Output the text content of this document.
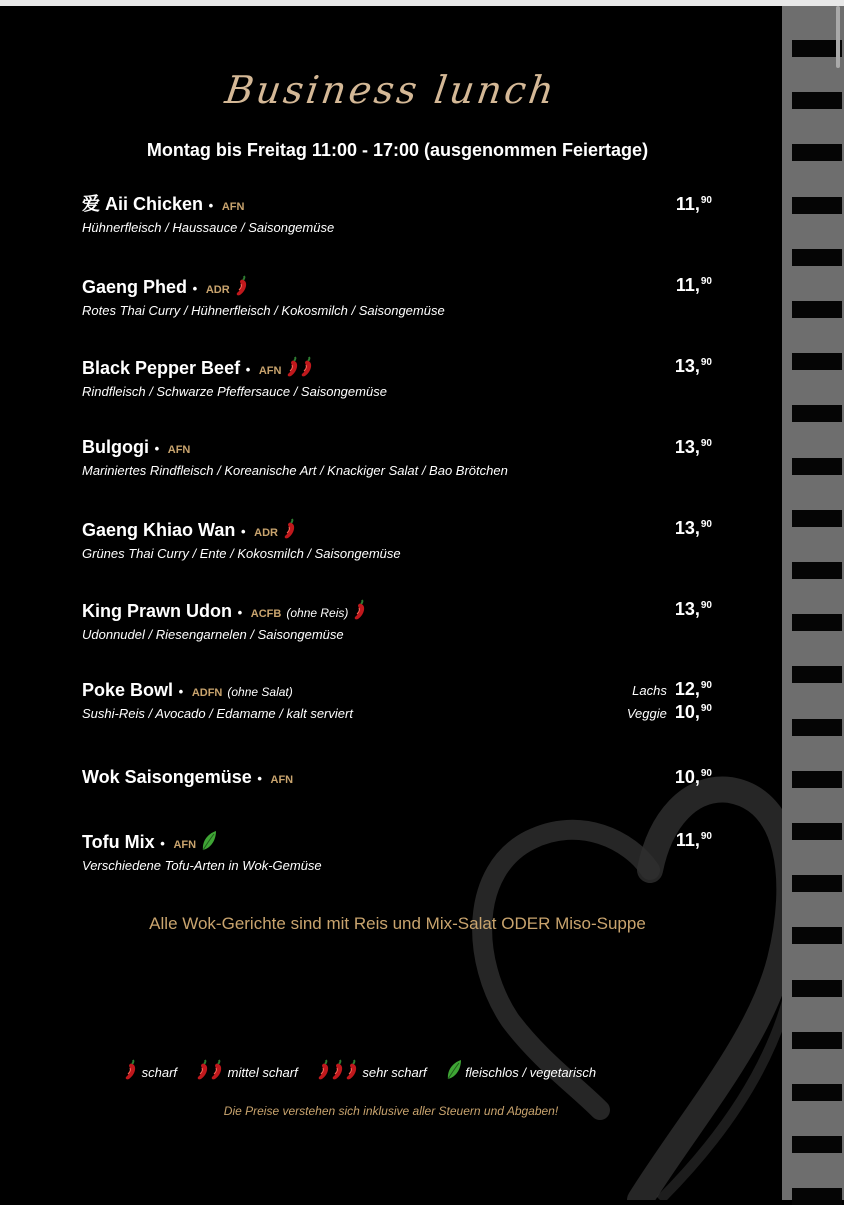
Business lunch
Montag bis Freitag 11:00 - 17:00 (ausgenommen Feiertage)
爱 Aii Chicken • AFN
Hühnerfleisch / Haussauce / Saisongemüse
11,90
Gaeng Phed • ADR
Rotes Thai Curry / Hühnerfleisch / Kokosmilch / Saisongemüse
11,90
Black Pepper Beef • AFN
Rindfleisch / Schwarze Pfeffersauce / Saisongemüse
13,90
Bulgogi • AFN
Mariniertes Rindfleisch / Koreanische Art / Knackiger Salat / Bao Brötchen
13,90
Gaeng Khiao Wan • ADR
Grünes Thai Curry / Ente / Kokosmilch / Saisongemüse
13,90
King Prawn Udon • ACFB (ohne Reis)
Udonnudel / Riesengarnelen / Saisongemüse
13,90
Poke Bowl • ADFN (ohne Salat)
Sushi-Reis / Avocado / Edamame / kalt serviert
Lachs 12,90
Veggie 10,90
Wok Saisongemüse • AFN	10,90
Tofu Mix • AFN
Verschiedene Tofu-Arten in Wok-Gemüse
11,90
Alle Wok-Gerichte sind mit Reis und Mix-Salat ODER Miso-Suppe
scharf	mittel scharf	sehr scharf	fleischlos / vegetarisch
Die Preise verstehen sich inklusive aller Steuern und Abgaben!
